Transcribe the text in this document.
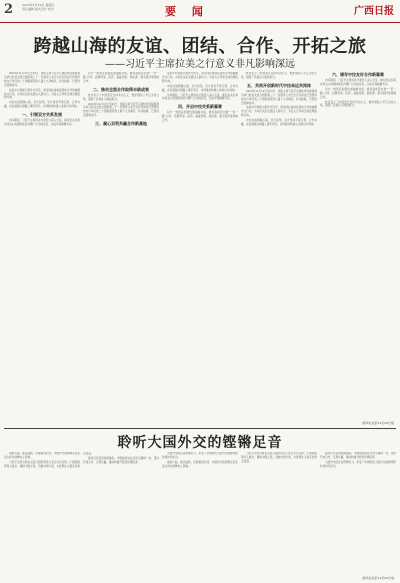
2	2023年5月19日 星期五
责任编辑 版式设计 校对	要 闻	广西日报
跨越山海的友谊、团结、合作、开拓之旅
——习近平主席拉美之行意义非凡影响深远

2024年11月13日至23日，国家主席习近平应邀出席在秘鲁利马举行的亚太经合组织第三十一次领导人非正式会议和在巴西里约热内卢举行的二十国集团领导人第十九次峰会，并对秘鲁、巴西进行国事访问。

这是中方展现大国外交风范、深化同拉美地区团结合作的重要外交行动，为中拉关系发展注入新动力，为亚太合作和全球治理指明方向。

中拉友谊跨越山海，历久弥坚。双方坚持平等互利、合作共赢，在发展振兴道路上携手同行，共同推动构建人类命运共同体。

一、引领双方关系发展

访问期间，习近平主席同各方领导人深入交流，就双边关系和共同关心的国际地区问题广泛交换意见，达成多项重要共识。

双方一致同意加强发展战略对接，推进高质量共建“一带一路”合作，拓展贸易、投资、基础设施、新能源、数字经济等领域合作。

二、推动全面合作取得丰硕成果

此访宣示了中国坚定支持多边主义、维护国际公平正义的立场，展现了负责任大国的担当。

2024年11月13日至23日，国家主席习近平应邀出席在秘鲁利马举行的亚太经合组织第三十一次领导人非正式会议和在巴西里约热内卢举行的二十国集团领导人第十九次峰会，并对秘鲁、巴西进行国事访问。

三、凝心双利共赢合作新高地

这是中方展现大国外交风范、深化同拉美地区团结合作的重要外交行动，为中拉关系发展注入新动力，为亚太合作和全球治理指明方向。

中拉友谊跨越山海，历久弥坚。双方坚持平等互利、合作共赢，在发展振兴道路上携手同行，共同推动构建人类命运共同体。

访问期间，习近平主席同各方领导人深入交流，就双边关系和共同关心的国际地区问题广泛交换意见，达成多项重要共识。

四、开启中拉关系新篇章

双方一致同意加强发展战略对接，推进高质量共建“一带一路”合作，拓展贸易、投资、基础设施、新能源、数字经济等领域合作。

此访宣示了中国坚定支持多边主义、维护国际公平正义的立场，展现了负责任大国的担当。

五、共同开创新时代中拉命运共同体

2024年11月13日至23日，国家主席习近平应邀出席在秘鲁利马举行的亚太经合组织第三十一次领导人非正式会议和在巴西里约热内卢举行的二十国集团领导人第十九次峰会，并对秘鲁、巴西进行国事访问。

这是中方展现大国外交风范、深化同拉美地区团结合作的重要外交行动，为中拉关系发展注入新动力，为亚太合作和全球治理指明方向。

中拉友谊跨越山海，历久弥坚。双方坚持平等互利、合作共赢，在发展振兴道路上携手同行，共同推动构建人类命运共同体。

六、谱写中拉友好合作新篇章

访问期间，习近平主席同各方领导人深入交流，就双边关系和共同关心的国际地区问题广泛交换意见，达成多项重要共识。

双方一致同意加强发展战略对接，推进高质量共建“一带一路”合作，拓展贸易、投资、基础设施、新能源、数字经济等领域合作。

此访宣示了中国坚定支持多边主义、维护国际公平正义的立场，展现了负责任大国的担当。

新华社北京11月23日电
聆听大国外交的铿锵足音

南美大陆，春意盎然。从秘鲁到巴西，中国外交的铿锵足音在亚太和全球舞台上回响。

习近平主席出席亚太经合组织领导人非正式会议和二十国集团领导人峰会，阐述中国主张，贡献中国方案，为世界注入稳定性和正能量。

面对百年变局加速演进，中国始终站在历史正确的一边，坚持开放合作、互利共赢，推动构建开放型世界经济。

大国外交的足音铿锵有力，彰显了中国特色大国外交的鲜明特色和时代担当。

南美大陆，春意盎然。从秘鲁到巴西，中国外交的铿锵足音在亚太和全球舞台上回响。

习近平主席出席亚太经合组织领导人非正式会议和二十国集团领导人峰会，阐述中国主张，贡献中国方案，为世界注入稳定性和正能量。

面对百年变局加速演进，中国始终站在历史正确的一边，坚持开放合作、互利共赢，推动构建开放型世界经济。

大国外交的足音铿锵有力，彰显了中国特色大国外交的鲜明特色和时代担当。

新华社北京11月23日电
